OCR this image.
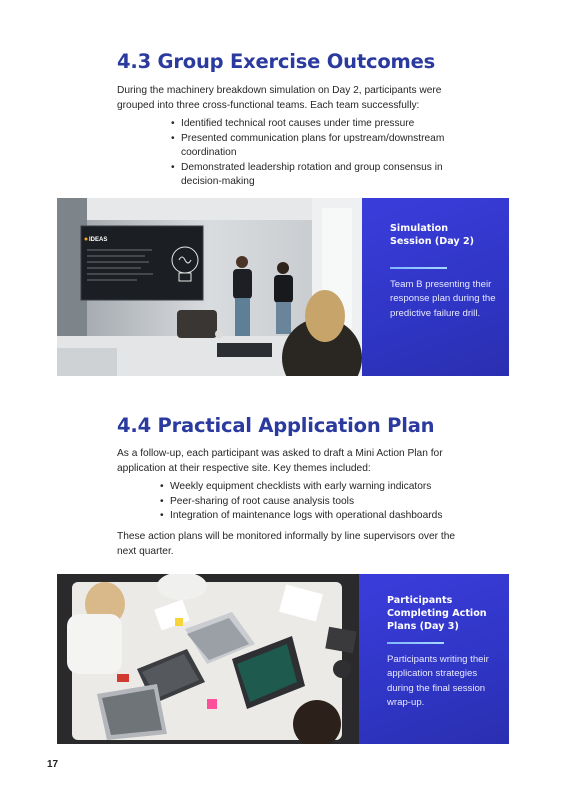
4.3 Group Exercise Outcomes

During the machinery breakdown simulation on Day 2, participants were grouped into three cross-functional teams. Each team successfully:

• Identified technical root causes under time pressure
• Presented communication plans for upstream/downstream coordination
• Demonstrated leadership rotation and group consensus in decision-making
IDEAS
Simulation Session (Day 2)
Team B presenting their response plan during the predictive failure drill.
4.4 Practical Application Plan

As a follow-up, each participant was asked to draft a Mini Action Plan for application at their respective site. Key themes included:

• Weekly equipment checklists with early warning indicators
• Peer-sharing of root cause analysis tools
• Integration of maintenance logs with operational dashboards

These action plans will be monitored informally by line supervisors over the next quarter.

Participants Completing Action Plans (Day 3)
Participants writing their application strategies during the final session wrap-up.
17
